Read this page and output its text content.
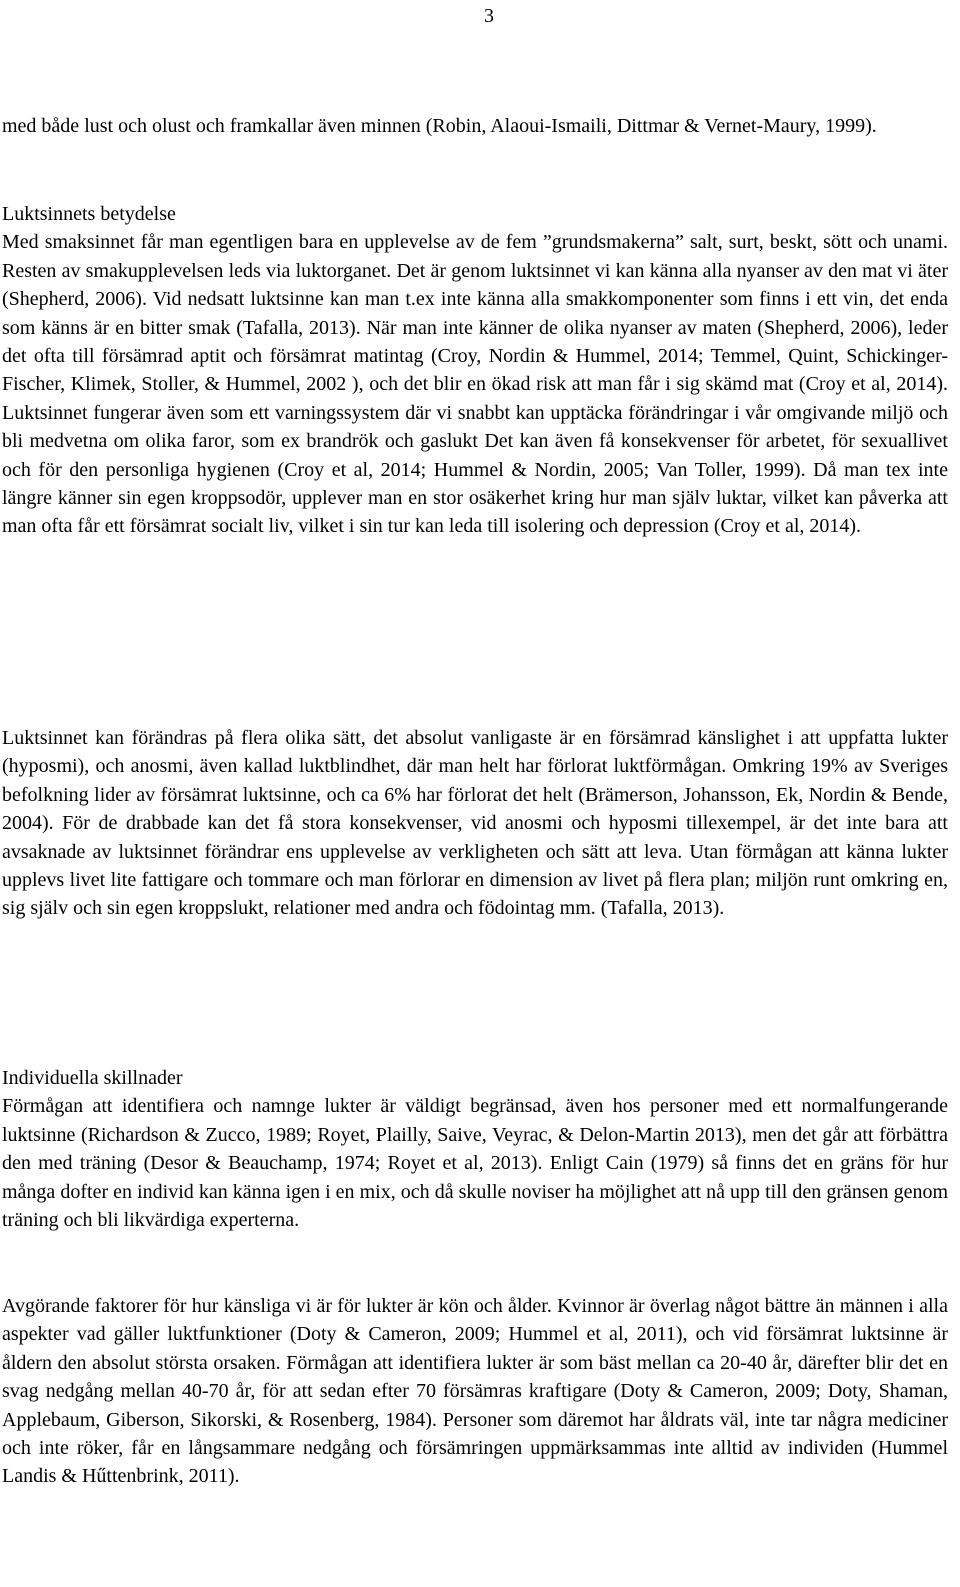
3

med både lust och olust och framkallar även minnen (Robin, Alaoui-Ismaili, Dittmar & Vernet-Maury, 1999).

Luktsinnets betydelse

Med smaksinnet får man egentligen bara en upplevelse av de fem ”grundsmakerna” salt, surt, beskt, sött och unami. Resten av smakupplevelsen leds via luktorganet. Det är genom luktsinnet vi kan känna alla nyanser av den mat vi äter (Shepherd, 2006). Vid nedsatt luktsinne kan man t.ex inte känna alla smakkomponenter som finns i ett vin, det enda som känns är en bitter smak (Tafalla, 2013). När man inte känner de olika nyanser av maten (Shepherd, 2006), leder det ofta till försämrad aptit och försämrat matintag (Croy, Nordin & Hummel, 2014; Temmel, Quint, Schickinger-Fischer, Klimek, Stoller, & Hummel, 2002 ), och det blir en ökad risk att man får i sig skämd mat (Croy et al, 2014). Luktsinnet fungerar även som ett varningssystem där vi snabbt kan upptäcka förändringar i vår omgivande miljö och bli medvetna om olika faror, som ex brandrök och gaslukt Det kan även få konsekvenser för arbetet, för sexuallivet och för den personliga hygienen (Croy et al, 2014; Hummel & Nordin, 2005; Van Toller, 1999). Då man tex inte längre känner sin egen kroppsodör, upplever man en stor osäkerhet kring hur man själv luktar, vilket kan påverka att man ofta får ett försämrat socialt liv, vilket i sin tur kan leda till isolering och depression (Croy et al, 2014).

Luktsinnet kan förändras på flera olika sätt, det absolut vanligaste är en försämrad känslighet i att uppfatta lukter (hyposmi), och anosmi, även kallad luktblindhet, där man helt har förlorat luktförmågan. Omkring 19% av Sveriges befolkning lider av försämrat luktsinne, och ca 6% har förlorat det helt (Brämerson, Johansson, Ek, Nordin & Bende, 2004). För de drabbade kan det få stora konsekvenser, vid anosmi och hyposmi tillexempel, är det inte bara att avsaknade av luktsinnet förändrar ens upplevelse av verkligheten och sätt att leva. Utan förmågan att känna lukter upplevs livet lite fattigare och tommare och man förlorar en dimension av livet på flera plan; miljön runt omkring en, sig själv och sin egen kroppslukt, relationer med andra och födointag mm. (Tafalla, 2013).

Individuella skillnader

Förmågan att identifiera och namnge lukter är väldigt begränsad, även hos personer med ett normalfungerande luktsinne (Richardson & Zucco, 1989; Royet, Plailly, Saive, Veyrac, & Delon-Martin 2013), men det går att förbättra den med träning (Desor & Beauchamp, 1974; Royet et al, 2013). Enligt Cain (1979) så finns det en gräns för hur många dofter en individ kan känna igen i en mix, och då skulle noviser ha möjlighet att nå upp till den gränsen genom träning och bli likvärdiga experterna.

Avgörande faktorer för hur känsliga vi är för lukter är kön och ålder. Kvinnor är överlag något bättre än männen i alla aspekter vad gäller luktfunktioner (Doty & Cameron, 2009; Hummel et al, 2011), och vid försämrat luktsinne är åldern den absolut största orsaken. Förmågan att identifiera lukter är som bäst mellan ca 20-40 år, därefter blir det en svag nedgång mellan 40-70 år, för att sedan efter 70 försämras kraftigare (Doty & Cameron, 2009; Doty, Shaman, Applebaum, Giberson, Sikorski, & Rosenberg, 1984). Personer som däremot har åldrats väl, inte tar några mediciner och inte röker, får en långsammare nedgång och försämringen uppmärksammas inte alltid av individen (Hummel Landis & Hűttenbrink, 2011).
